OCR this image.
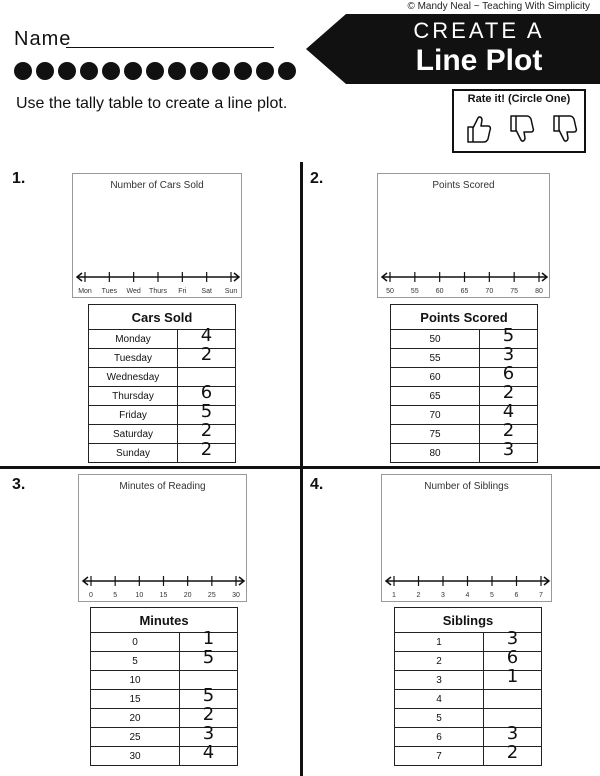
© Mandy Neal ~ Teaching With Simplicity
Name	CREATE A
Line Plot
Use the tally table to create a line plot.	Rate it! (Circle One)
1.	Number of Cars Sold
Mon Tues Wed Thurs Fri Sat Sun
Cars Sold	
Monday	4
Tuesday	2
Wednesday	
Thursday	6
Friday	5
Saturday	2
Sunday	2
2.	Points Scored
50 55 60 65 70 75 80
Points Scored	
50	5
55	3
60	6
65	2
70	4
75	2
80	3
3.	Minutes of Reading
0	5	10 15 20 25 30
Minutes	
0	1
5	5
10	
15	5
20	2
25	3
30	4
4.	Number of Siblings
1	2	3	4	5	6	7
Siblings	
1	3
2	6
3	1
4	
5	
6	3
7	2
